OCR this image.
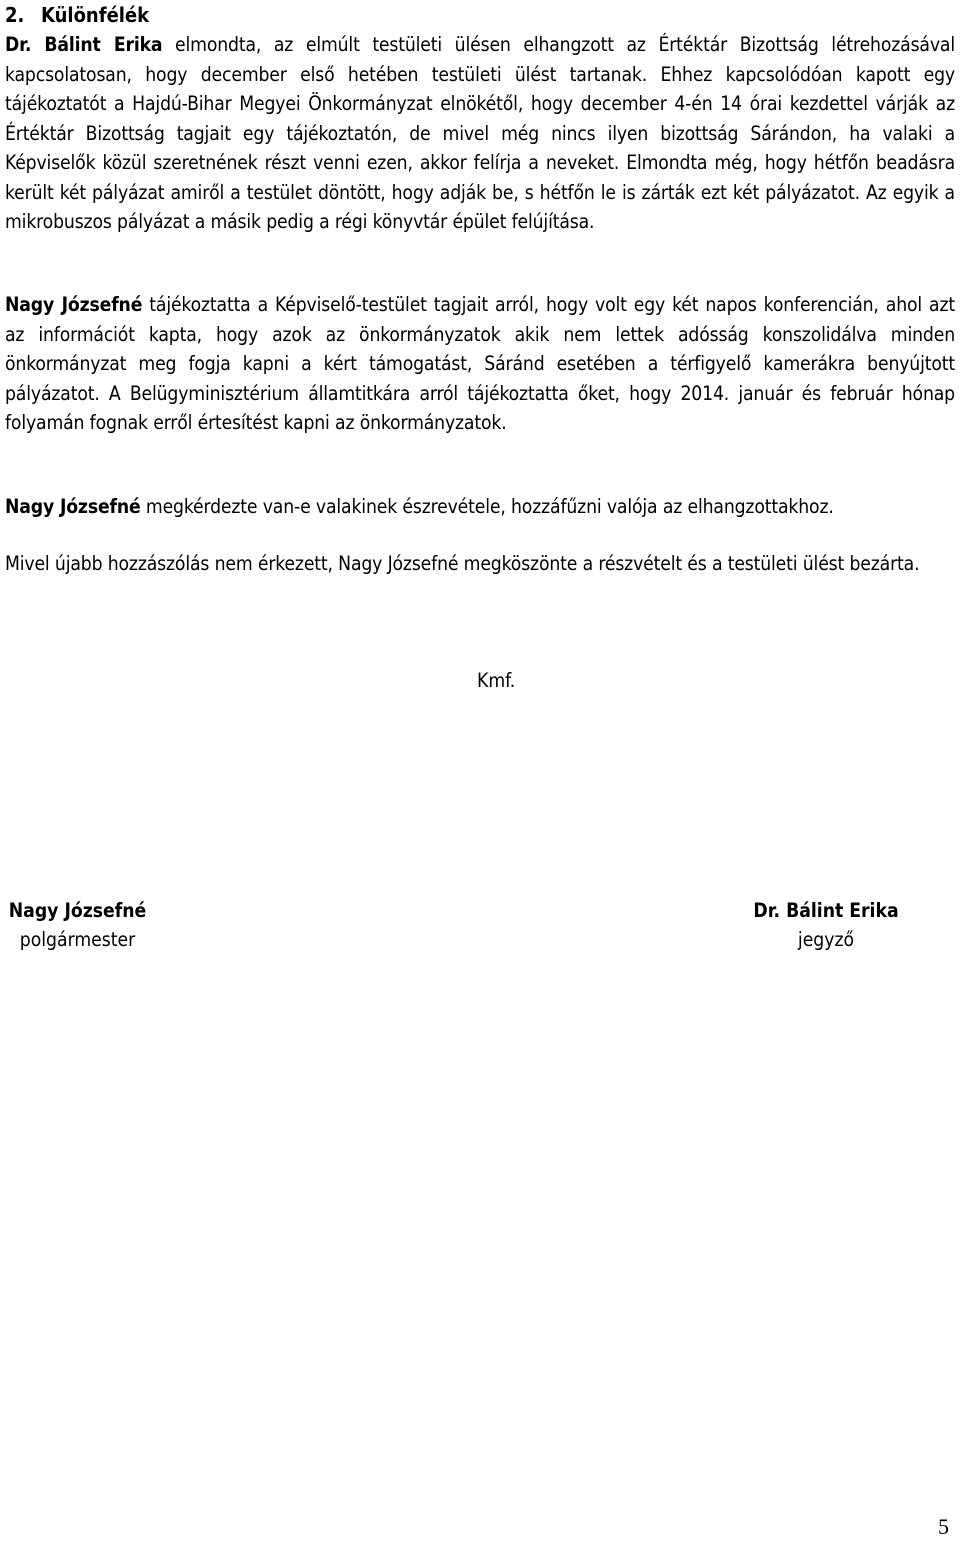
2. Különfélék

Dr. Bálint Erika elmondta, az elmúlt testületi ülésen elhangzott az Értéktár Bizottság létrehozásával kapcsolatosan, hogy december első hetében testületi ülést tartanak. Ehhez kapcsolódóan kapott egy tájékoztatót a Hajdú-Bihar Megyei Önkormányzat elnökétől, hogy december 4-én 14 órai kezdettel várják az Értéktár Bizottság tagjait egy tájékoztatón, de mivel még nincs ilyen bizottság Sárándon, ha valaki a Képviselők közül szeretnének részt venni ezen, akkor felírja a neveket. Elmondta még, hogy hétfőn beadásra került két pályázat amiről a testület döntött, hogy adják be, s hétfőn le is zárták ezt két pályázatot. Az egyik a mikrobuszos pályázat a másik pedig a régi könyvtár épület felújítása.

Nagy Józsefné tájékoztatta a Képviselő-testület tagjait arról, hogy volt egy két napos konferencián, ahol azt az információt kapta, hogy azok az önkormányzatok akik nem lettek adósság konszolidálva minden önkormányzat meg fogja kapni a kért támogatást, Sáránd esetében a térfigyelő kamerákra benyújtott pályázatot. A Belügyminisztérium államtitkára arról tájékoztatta őket, hogy 2014. január és február hónap folyamán fognak erről értesítést kapni az önkormányzatok.

Nagy Józsefné megkérdezte van-e valakinek észrevétele, hozzáfűzni valója az elhangzottakhoz.

Mivel újabb hozzászólás nem érkezett, Nagy Józsefné megköszönte a részvételt és a testületi ülést bezárta.

Kmf.
Nagy Józsefné
polgármester
Dr. Bálint Erika
jegyző
5
